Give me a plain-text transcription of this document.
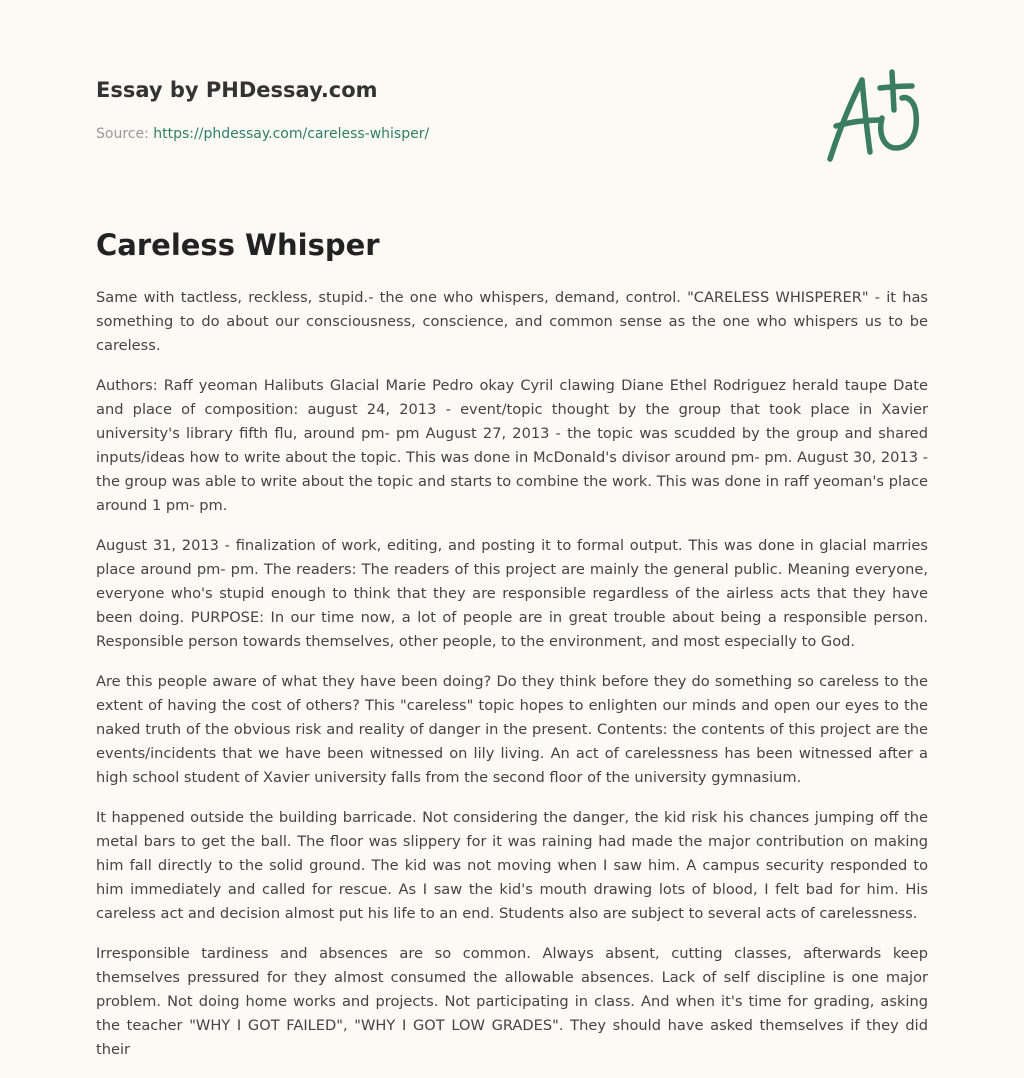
Essay by PHDessay.com
Source: https://phdessay.com/careless-whisper/
Careless Whisper

Same with tactless, reckless, stupid.- the one who whispers, demand, control. "CARELESS WHISPERER" - it has something to do about our consciousness, conscience, and common sense as the one who whispers us to be careless.

Authors: Raff yeoman Halibuts Glacial Marie Pedro okay Cyril clawing Diane Ethel Rodriguez herald taupe Date and place of composition: august 24, 2013 - event/topic thought by the group that took place in Xavier university's library fifth flu, around pm- pm August 27, 2013 - the topic was scudded by the group and shared inputs/ideas how to write about the topic. This was done in McDonald's divisor around pm- pm. August 30, 2013 - the group was able to write about the topic and starts to combine the work. This was done in raff yeoman's place around 1 pm- pm.

August 31, 2013 - finalization of work, editing, and posting it to formal output. This was done in glacial marries place around pm- pm. The readers: The readers of this project are mainly the general public. Meaning everyone, everyone who's stupid enough to think that they are responsible regardless of the airless acts that they have been doing. PURPOSE: In our time now, a lot of people are in great trouble about being a responsible person. Responsible person towards themselves, other people, to the environment, and most especially to God.

Are this people aware of what they have been doing? Do they think before they do something so careless to the extent of having the cost of others? This "careless" topic hopes to enlighten our minds and open our eyes to the naked truth of the obvious risk and reality of danger in the present. Contents: the contents of this project are the events/incidents that we have been witnessed on lily living. An act of carelessness has been witnessed after a high school student of Xavier university falls from the second floor of the university gymnasium.

It happened outside the building barricade. Not considering the danger, the kid risk his chances jumping off the metal bars to get the ball. The floor was slippery for it was raining had made the major contribution on making him fall directly to the solid ground. The kid was not moving when I saw him. A campus security responded to him immediately and called for rescue. As I saw the kid's mouth drawing lots of blood, I felt bad for him. His careless act and decision almost put his life to an end. Students also are subject to several acts of carelessness.

Irresponsible tardiness and absences are so common. Always absent, cutting classes, afterwards keep themselves pressured for they almost consumed the allowable absences. Lack of self discipline is one major problem. Not doing home works and projects. Not participating in class. And when it's time for grading, asking the teacher "WHY I GOT FAILED", "WHY I GOT LOW GRADES". They should have asked themselves if they did their
